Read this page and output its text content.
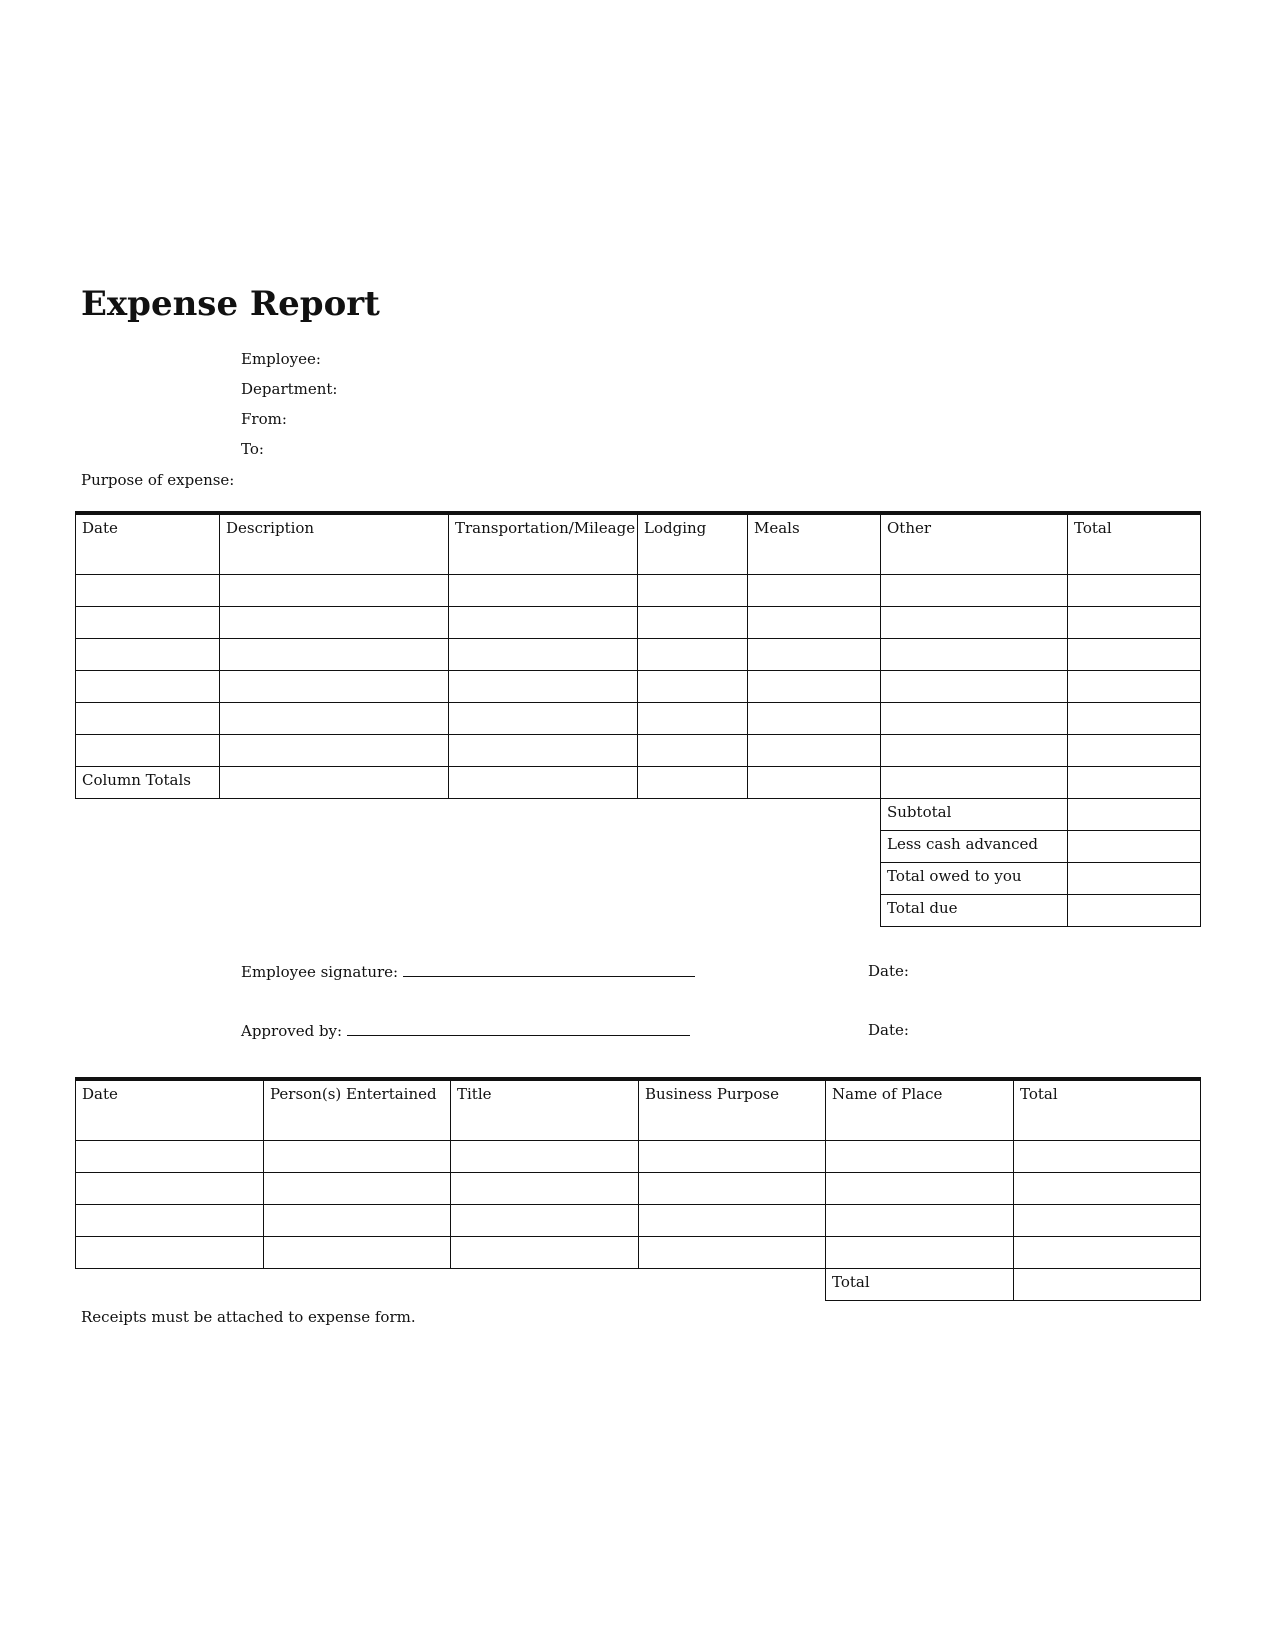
Expense Report
Employee:
Department:
From:
To:
Purpose of expense:
Date	Description	Transportation/Mileage	Lodging	Meals	Other	Total

Column Totals						
					Subtotal	
					Less cash advanced	
					Total owed to you	
					Total due	
Employee signature:	Date:
Approved by:	Date:
Date	Person(s) Entertained	Title	Business Purpose	Name of Place	Total

				Total	
Receipts must be attached to expense form.
